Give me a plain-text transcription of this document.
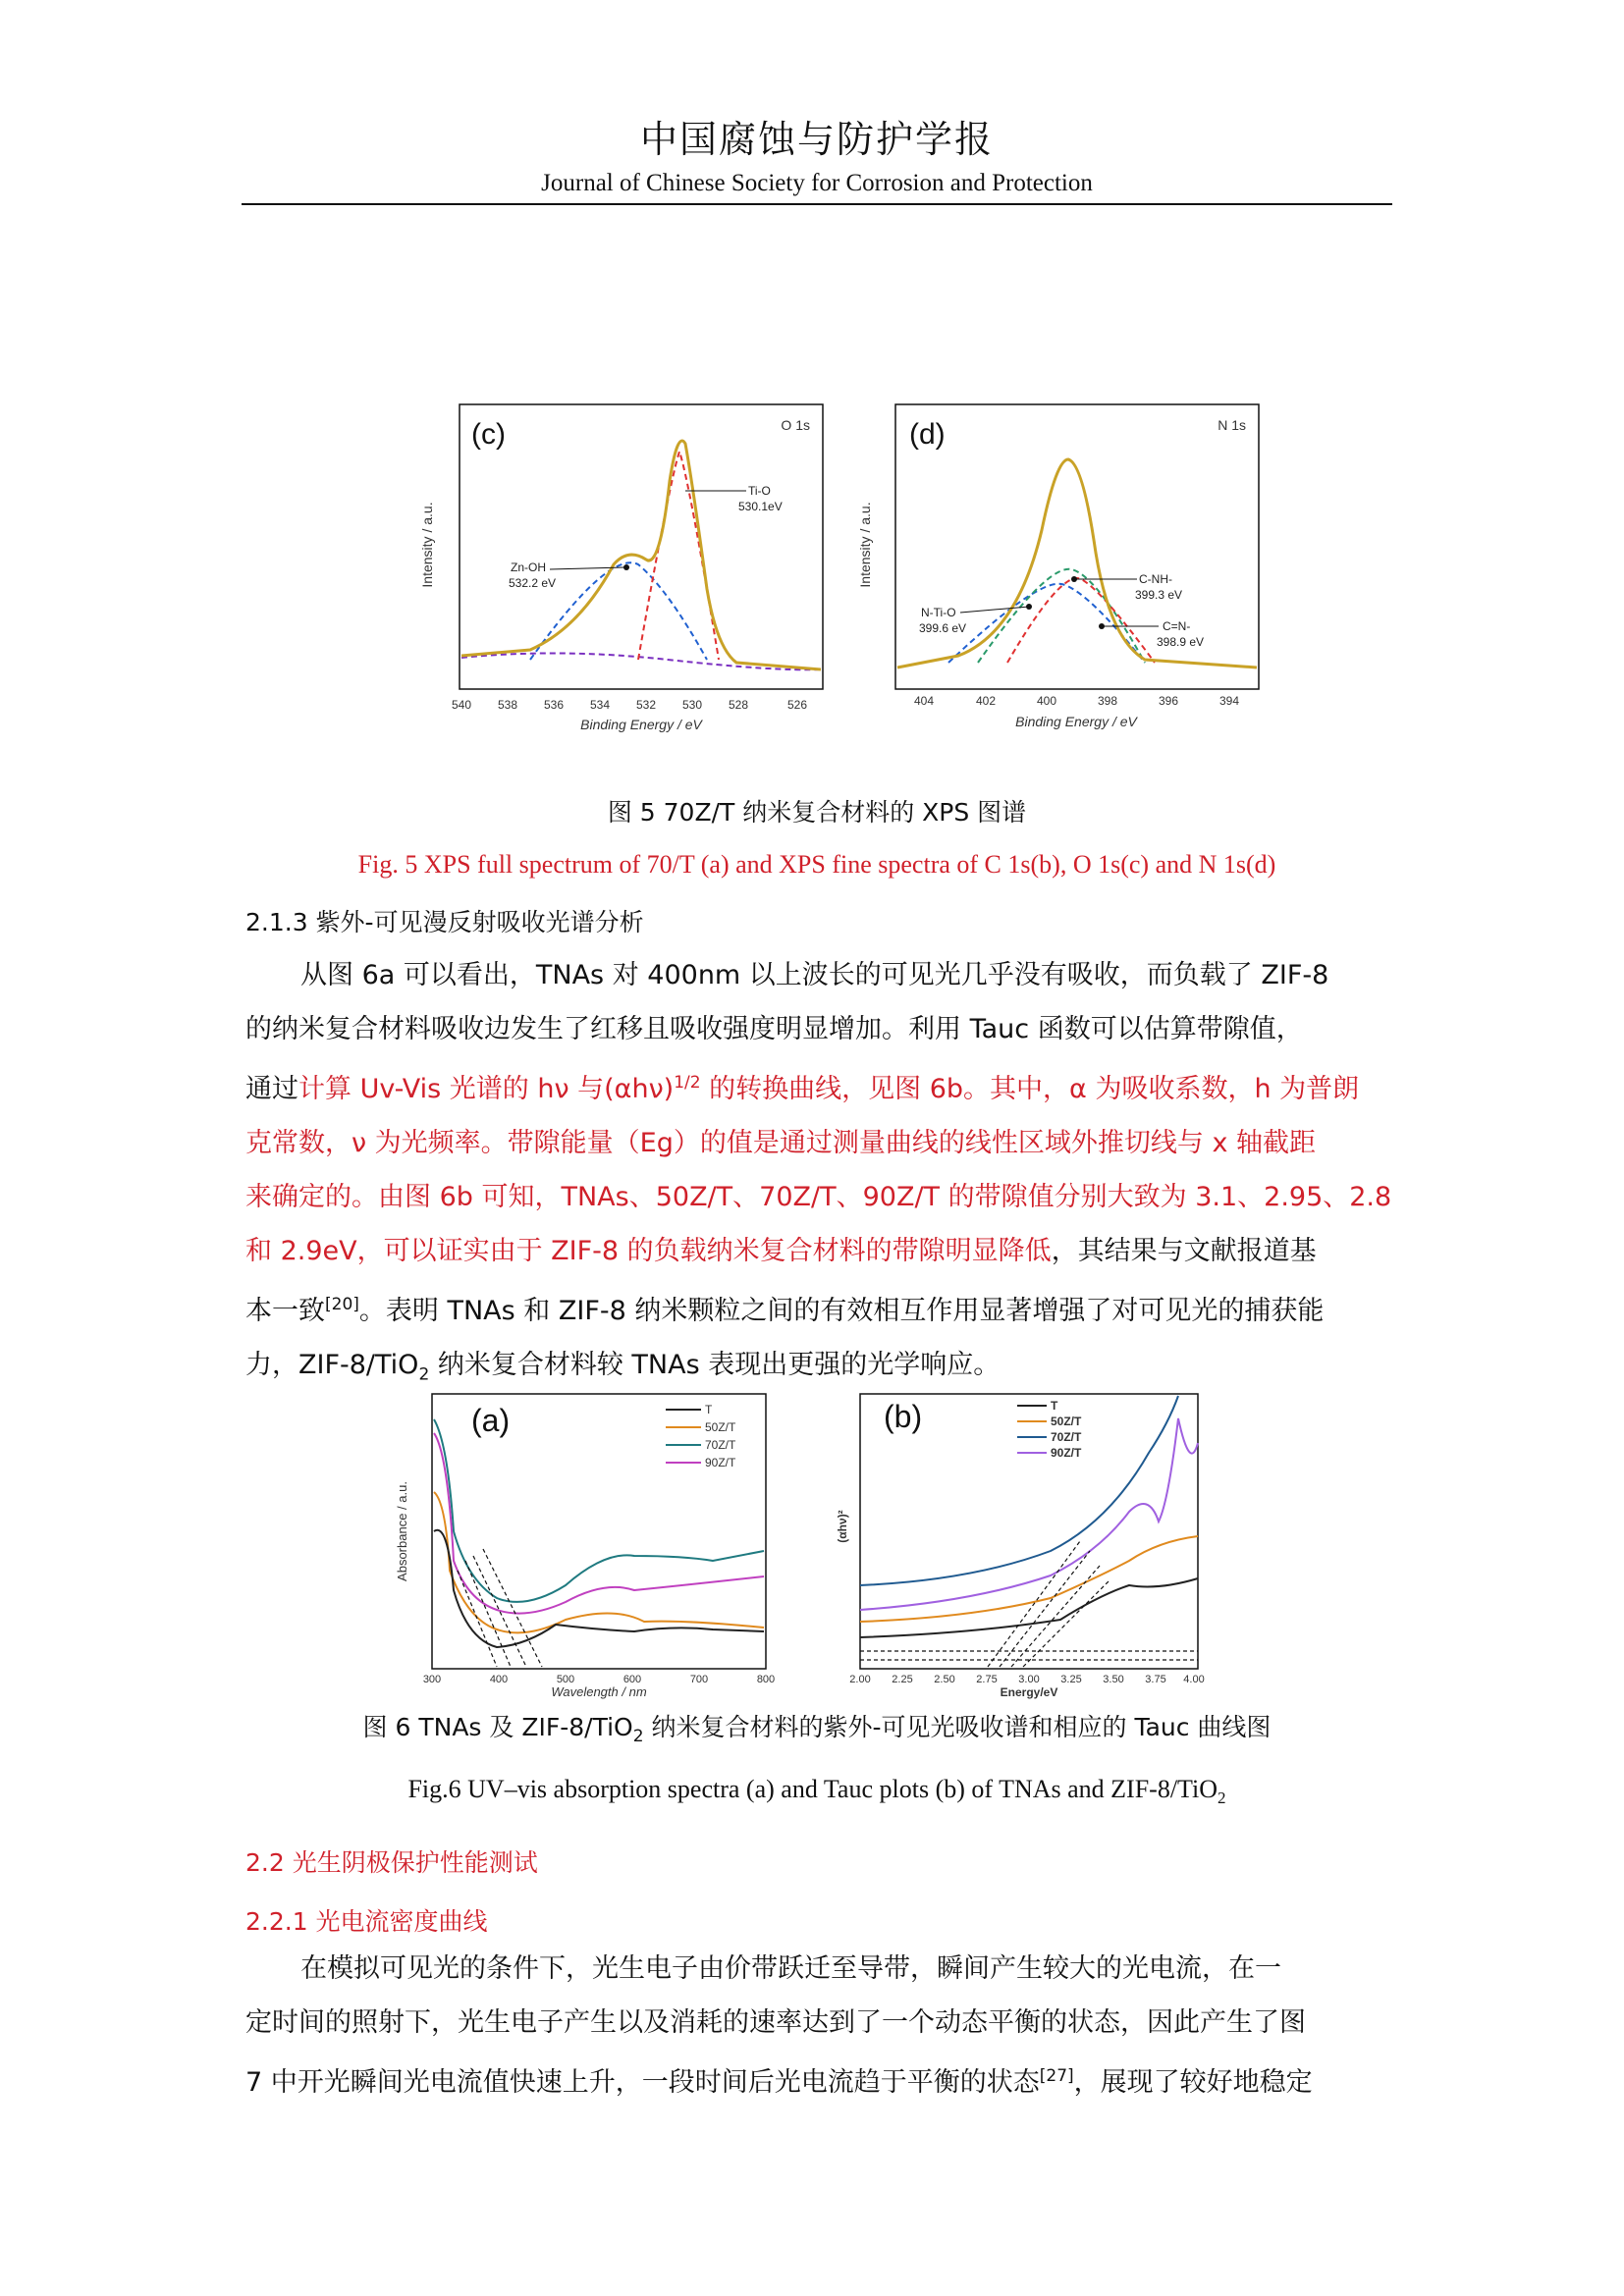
中国腐蚀与防护学报
Journal of Chinese Society for Corrosion and Protection
(c)	O 1s
Intensity / a.u.
Binding Energy / eV
540 538 536 534 532 530 528	526
Ti-O
530.1eV
Zn-OH
532.2 eV
(d)	N 1s
Intensity / a.u.
Binding Energy / eV
404	402	400	398	396	394
C-NH-
399.3 eV
N-Ti-O
399.6 eV	C=N-
398.9 eV
图 5 70Z/T 纳米复合材料的 XPS 图谱
Fig. 5 XPS full spectrum of 70/T (a) and XPS fine spectra of C 1s(b), O 1s(c) and N 1s(d)
2.1.3 紫外-可见漫反射吸收光谱分析
从图 6a 可以看出，TNAs 对 400nm 以上波长的可见光几乎没有吸收，而负载了 ZIF-8
的纳米复合材料吸收边发生了红移且吸收强度明显增加。利用 Tauc 函数可以估算带隙值，
通过计算 Uv-Vis 光谱的 hν 与$(\alpha h\nu)^{1/2}$ 的转换曲线，见图 6b。其中，α 为吸收系数，h 为普朗
克常数，ν 为光频率。带隙能量（Eg）的值是通过测量曲线的线性区域外推切线与 x 轴截距
来确定的。由图 6b 可知，TNAs、50Z/T、70Z/T、90Z/T 的带隙值分别大致为 3.1、2.95、2.8
和 2.9eV，可以证实由于 ZIF-8 的负载纳米复合材料的带隙明显降低，其结果与文献报道基
本一致[20]。表明 TNAs 和 ZIF-8 纳米颗粒之间的有效相互作用显著增强了对可见光的捕获能
力，ZIF-8/TiO$_2$ 纳米复合材料较 TNAs 表现出更强的光学响应。
(a)
Absorbance / a.u.
Wavelength / nm
300	400	500	600	700	800
T
50Z/T
70Z/T
90Z/T
(b)
(αhν)²
Energy/eV
2.00 2.25 2.50 2.75 3.00 3.25 3.50 3.75 4.00
T
50Z/T
70Z/T
90Z/T
图 6 TNAs 及 ZIF-8/TiO$_2$ 纳米复合材料的紫外-可见光吸收谱和相应的 Tauc 曲线图
Fig.6 UV–vis absorption spectra (a) and Tauc plots (b) of TNAs and ZIF-8/TiO$_2$
2.2 光生阴极保护性能测试
2.2.1 光电流密度曲线
在模拟可见光的条件下，光生电子由价带跃迁至导带，瞬间产生较大的光电流，在一
定时间的照射下，光生电子产生以及消耗的速率达到了一个动态平衡的状态，因此产生了图
7 中开光瞬间光电流值快速上升，一段时间后光电流趋于平衡的状态[27]，展现了较好地稳定
